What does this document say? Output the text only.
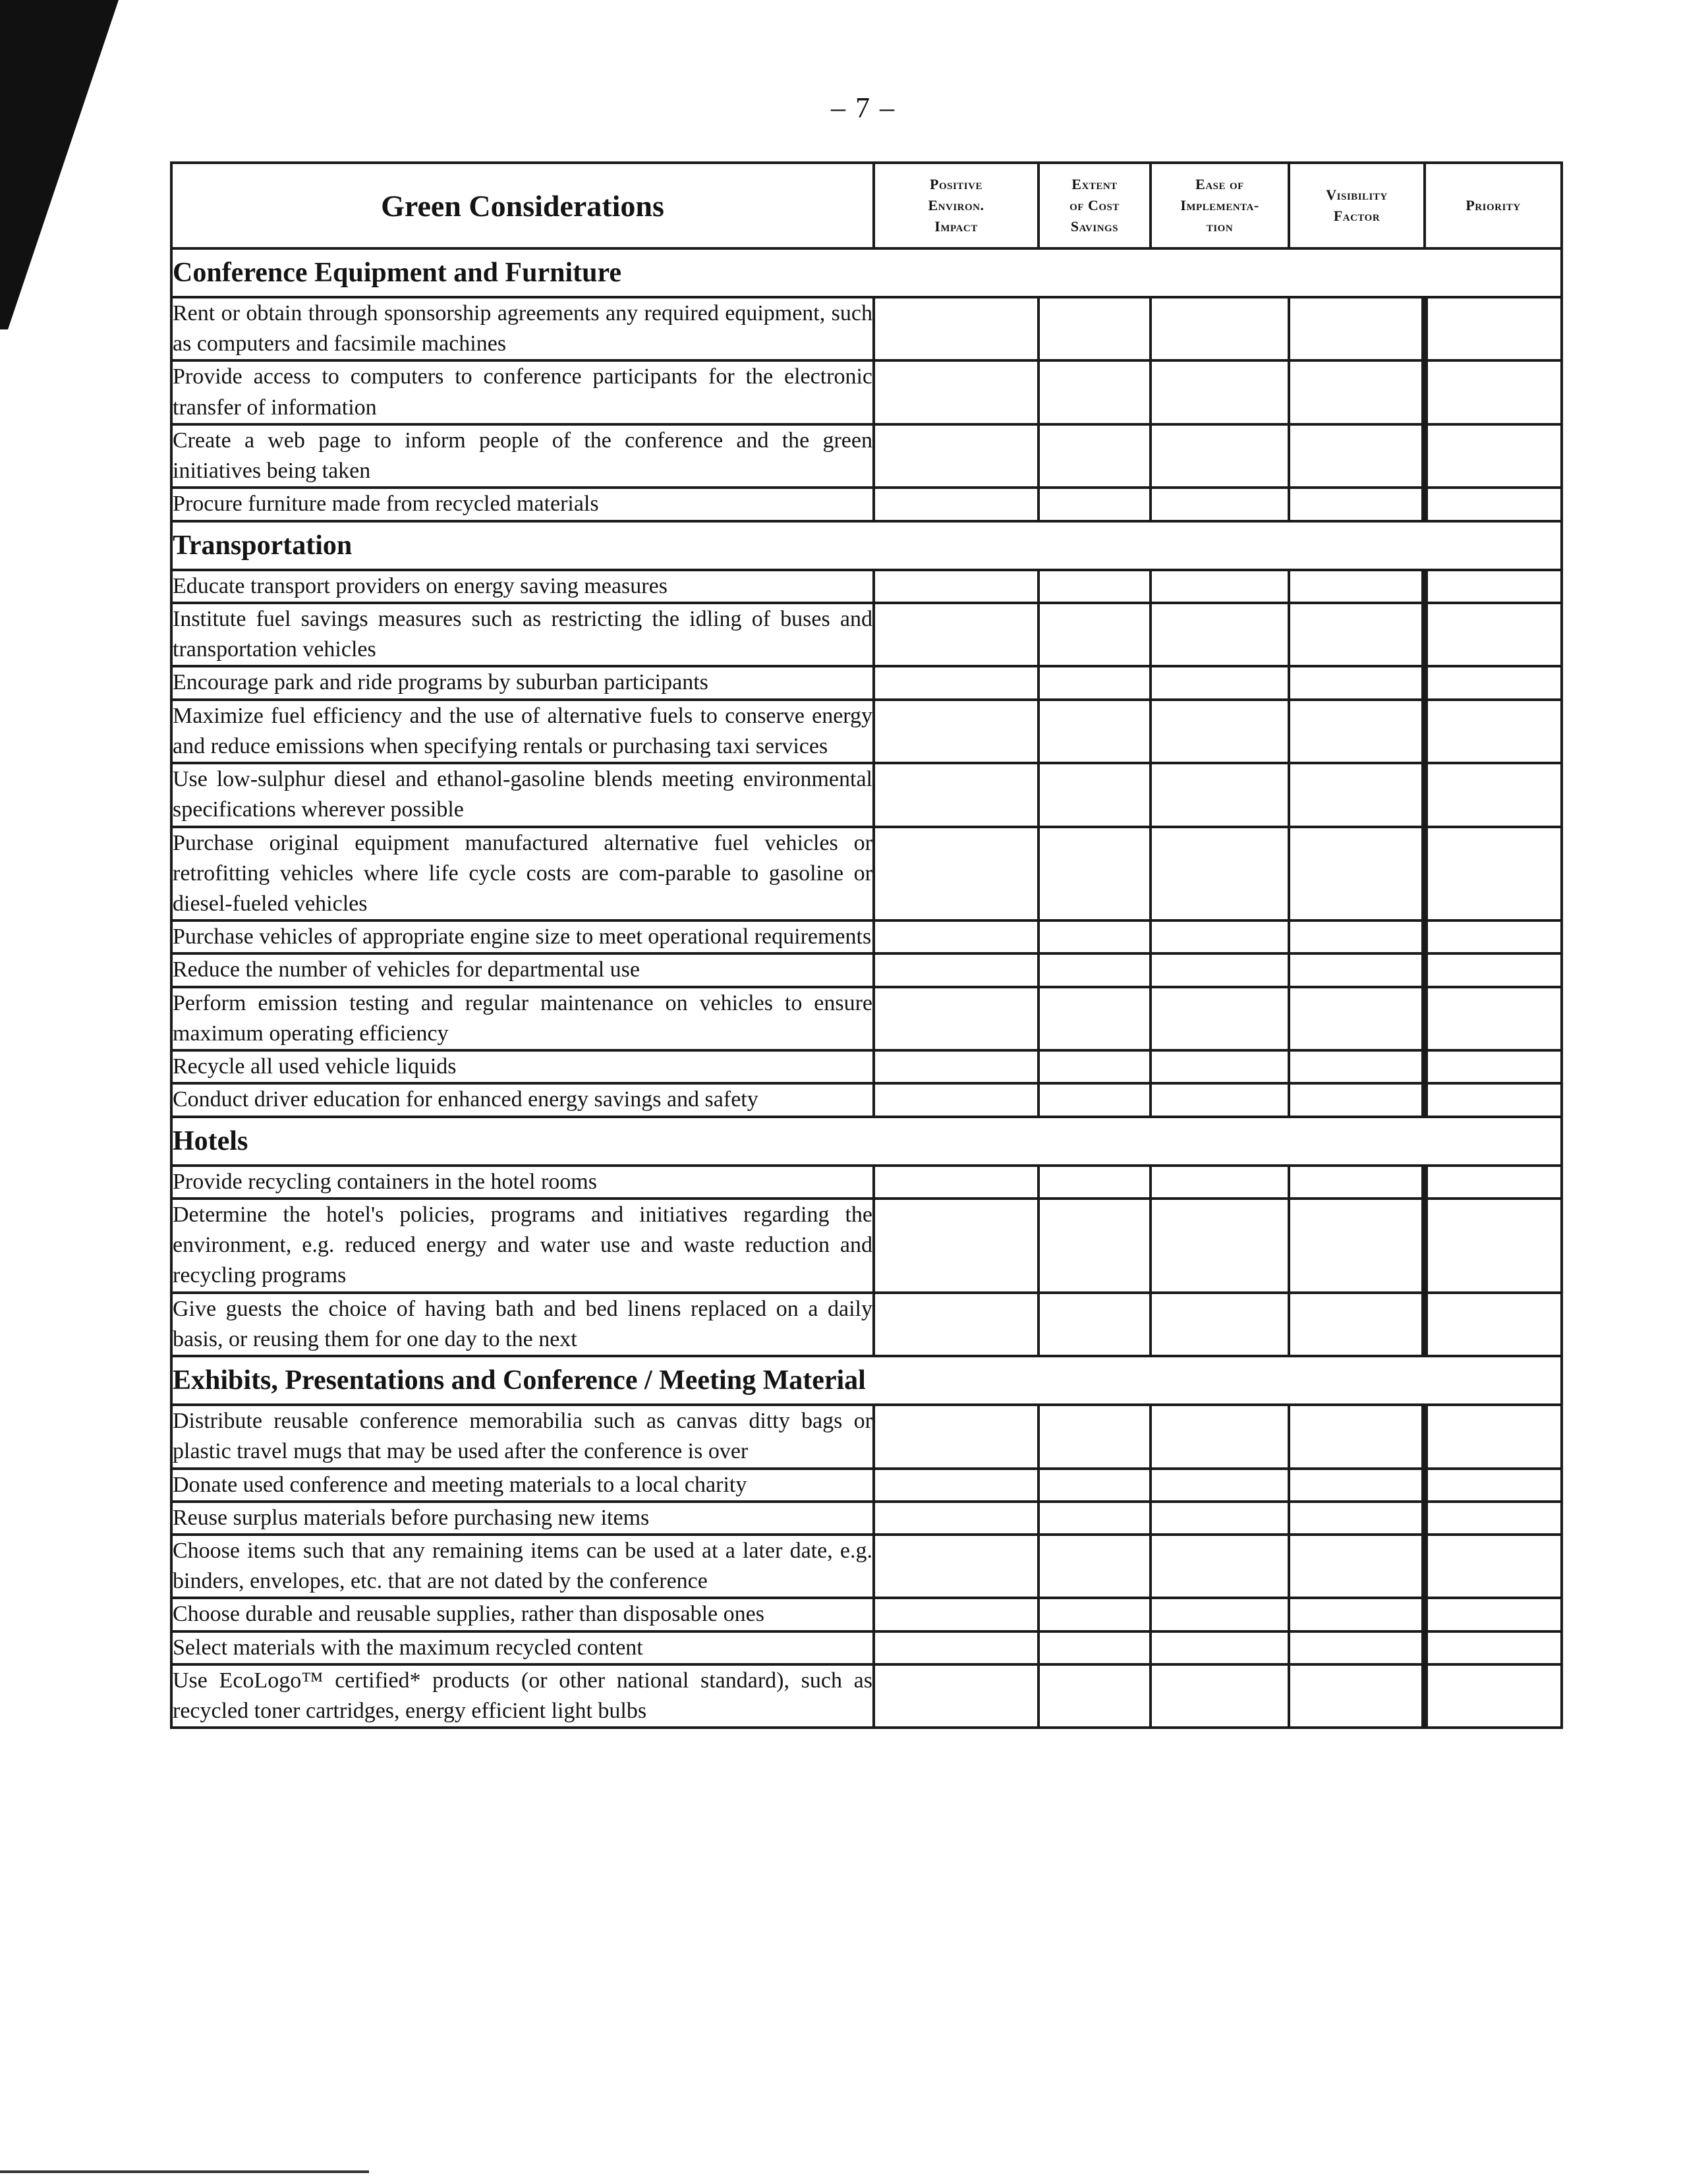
– 7 –
Green Considerations	Positive
Environ.
Impact	Extent
of Cost
Savings	Ease of
Implementa-
tion	Visibility
Factor	Priority
Conference Equipment and Furniture					
Rent or obtain through sponsorship agreements any required equipment, such as computers and facsimile machines					
Provide access to computers to conference participants for the electronic transfer of information					
Create a web page to inform people of the conference and the green initiatives being taken					
Procure furniture made from recycled materials					
Transportation					
Educate transport providers on energy saving measures					
Institute fuel savings measures such as restricting the idling of buses and transportation vehicles					
Encourage park and ride programs by suburban participants					
Maximize fuel efficiency and the use of alternative fuels to conserve energy and reduce emissions when specifying rentals or purchasing taxi services					
Use low-sulphur diesel and ethanol-gasoline blends meeting environmental specifications wherever possible					
Purchase original equipment manufactured alternative fuel vehicles or retrofitting vehicles where life cycle costs are com-parable to gasoline or diesel-fueled vehicles					
Purchase vehicles of appropriate engine size to meet operational requirements					
Reduce the number of vehicles for departmental use					
Perform emission testing and regular maintenance on vehicles to ensure maximum operating efficiency					
Recycle all used vehicle liquids					
Conduct driver education for enhanced energy savings and safety					
Hotels					
Provide recycling containers in the hotel rooms					
Determine the hotel's policies, programs and initiatives regarding the environment, e.g. reduced energy and water use and waste reduction and recycling programs					
Give guests the choice of having bath and bed linens replaced on a daily basis, or reusing them for one day to the next					
Exhibits, Presentations and Conference / Meeting Material					
Distribute reusable conference memorabilia such as canvas ditty bags or plastic travel mugs that may be used after the conference is over					
Donate used conference and meeting materials to a local charity					
Reuse surplus materials before purchasing new items					
Choose items such that any remaining items can be used at a later date, e.g. binders, envelopes, etc. that are not dated by the conference					
Choose durable and reusable supplies, rather than disposable ones					
Select materials with the maximum recycled content					
Use EcoLogo™ certified* products (or other national standard), such as recycled toner cartridges, energy efficient light bulbs					
